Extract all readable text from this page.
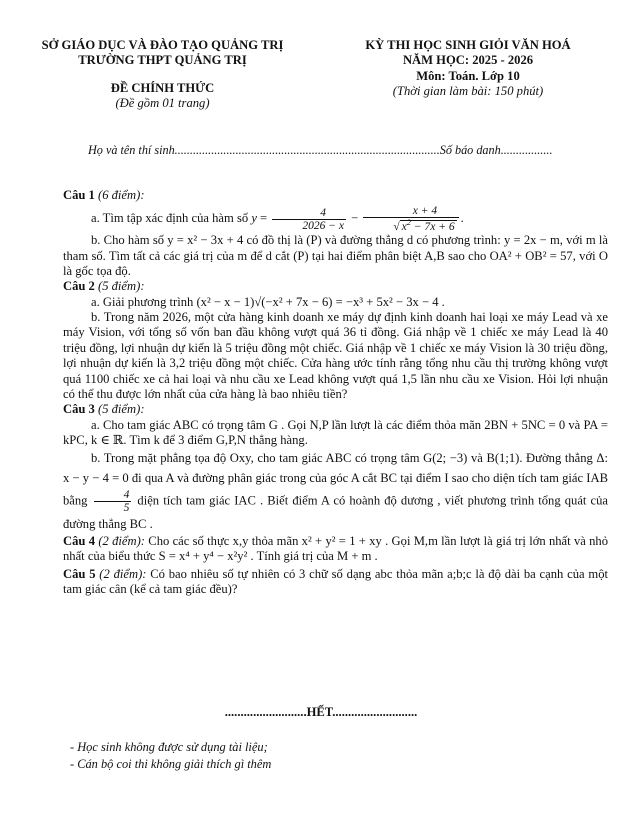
SỞ GIÁO DỤC VÀ ĐÀO TẠO QUẢNG TRỊ

TRƯỜNG THPT QUẢNG TRỊ

ĐỀ CHÍNH THỨC

(Đề gồm 01 trang)

KỲ THI HỌC SINH GIỎI VĂN HOÁ

NĂM HỌC: 2025 - 2026

Môn: Toán. Lớp 10

(Thời gian làm bài: 150 phút)

Họ và tên thí sinh.......................................................................................Số báo danh.................

Câu 1 (6 điểm):

a. Tìm tập xác định của hàm số $y = \frac{4}{2026 - x} - \frac{x + 4}{√ x^2 - 7x + 6}$ .

b. Cho hàm số y = x² − 3x + 4 có đồ thị là (P) và đường thẳng d có phương trình: y = 2x − m, với m là tham số. Tìm tất cả các giá trị của m để d cắt (P) tại hai điểm phân biệt A,B sao cho OA² + OB² = 57, với O là gốc tọa độ.

Câu 2 (5 điểm):

a. Giải phương trình (x² − x − 1)√(−x² + 7x − 6) = −x³ + 5x² − 3x − 4 .

b. Trong năm 2026, một cửa hàng kinh doanh xe máy dự định kinh doanh hai loại xe máy Lead và xe máy Vision, với tổng số vốn ban đầu không vượt quá 36 tỉ đồng. Giá nhập về 1 chiếc xe máy Lead là 40 triệu đồng, lợi nhuận dự kiến là 5 triệu đồng một chiếc. Giá nhập về 1 chiếc xe máy Vision là 30 triệu đồng, lợi nhuận dự kiến là 3,2 triệu đồng một chiếc. Cửa hàng ước tính rằng tổng nhu cầu thị trường không vượt quá 1100 chiếc xe cả hai loại và nhu cầu xe Lead không vượt quá 1,5 lần nhu cầu xe Vision. Hỏi lợi nhuận có thể thu được lớn nhất của cửa hàng là bao nhiêu tiền?

Câu 3 (5 điểm):

a. Cho tam giác ABC có trọng tâm G . Gọi N,P lần lượt là các điểm thỏa mãn 2BN + 5NC = 0 và PA = kPC, k ∈ ℝ. Tìm k để 3 điểm G,P,N thẳng hàng.

b. Trong mặt phẳng tọa độ Oxy, cho tam giác ABC có trọng tâm G(2; −3) và B(1;1). Đường thẳng Δ: x − y − 4 = 0 đi qua A và đường phân giác trong của góc A cắt BC tại điểm I sao cho diện tích tam giác IAB bằng $\frac{4}{5}$ diện tích tam giác IAC . Biết điểm A có hoành độ dương , viết phương trình tổng quát của đường thẳng BC .

Câu 4 (2 điểm): Cho các số thực x,y thỏa mãn x² + y² = 1 + xy . Gọi M,m lần lượt là giá trị lớn nhất và nhỏ nhất của biểu thức S = x⁴ + y⁴ − x²y² . Tính giá trị của M + m .

Câu 5 (2 điểm): Có bao nhiêu số tự nhiên có 3 chữ số dạng abc thỏa mãn a;b;c là độ dài ba cạnh của một tam giác cân (kể cả tam giác đều)?

..........................HẾT...........................

- Học sinh không được sử dụng tài liệu;

- Cán bộ coi thi không giải thích gì thêm
